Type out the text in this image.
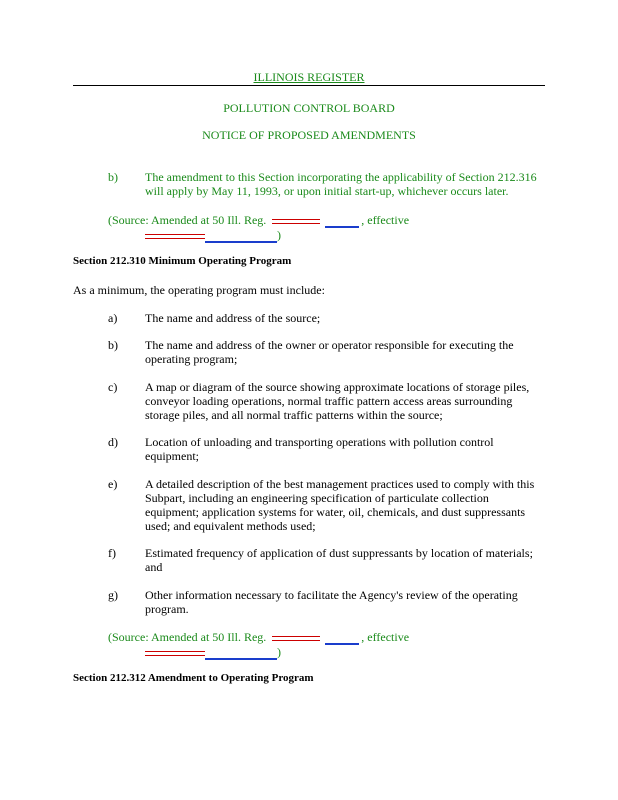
ILLINOIS REGISTER
POLLUTION CONTROL BOARD
NOTICE OF PROPOSED AMENDMENTS
b) The amendment to this Section incorporating the applicability of Section 212.316 will apply by May 11, 1993, or upon initial start-up, whichever occurs later.
(Source: Amended at 50 Ill. Reg.	, effective
)
Section 212.310 Minimum Operating Program
As a minimum, the operating program must include:
a) The name and address of the source;
b) The name and address of the owner or operator responsible for executing the operating program;
c) A map or diagram of the source showing approximate locations of storage piles, conveyor loading operations, normal traffic pattern access areas surrounding storage piles, and all normal traffic patterns within the source;
d) Location of unloading and transporting operations with pollution control equipment;
e) A detailed description of the best management practices used to comply with this Subpart, including an engineering specification of particulate collection equipment; application systems for water, oil, chemicals, and dust suppressants used; and equivalent methods used;
f) Estimated frequency of application of dust suppressants by location of materials; and
g) Other information necessary to facilitate the Agency's review of the operating program.
(Source: Amended at 50 Ill. Reg.	, effective
)
Section 212.312 Amendment to Operating Program
